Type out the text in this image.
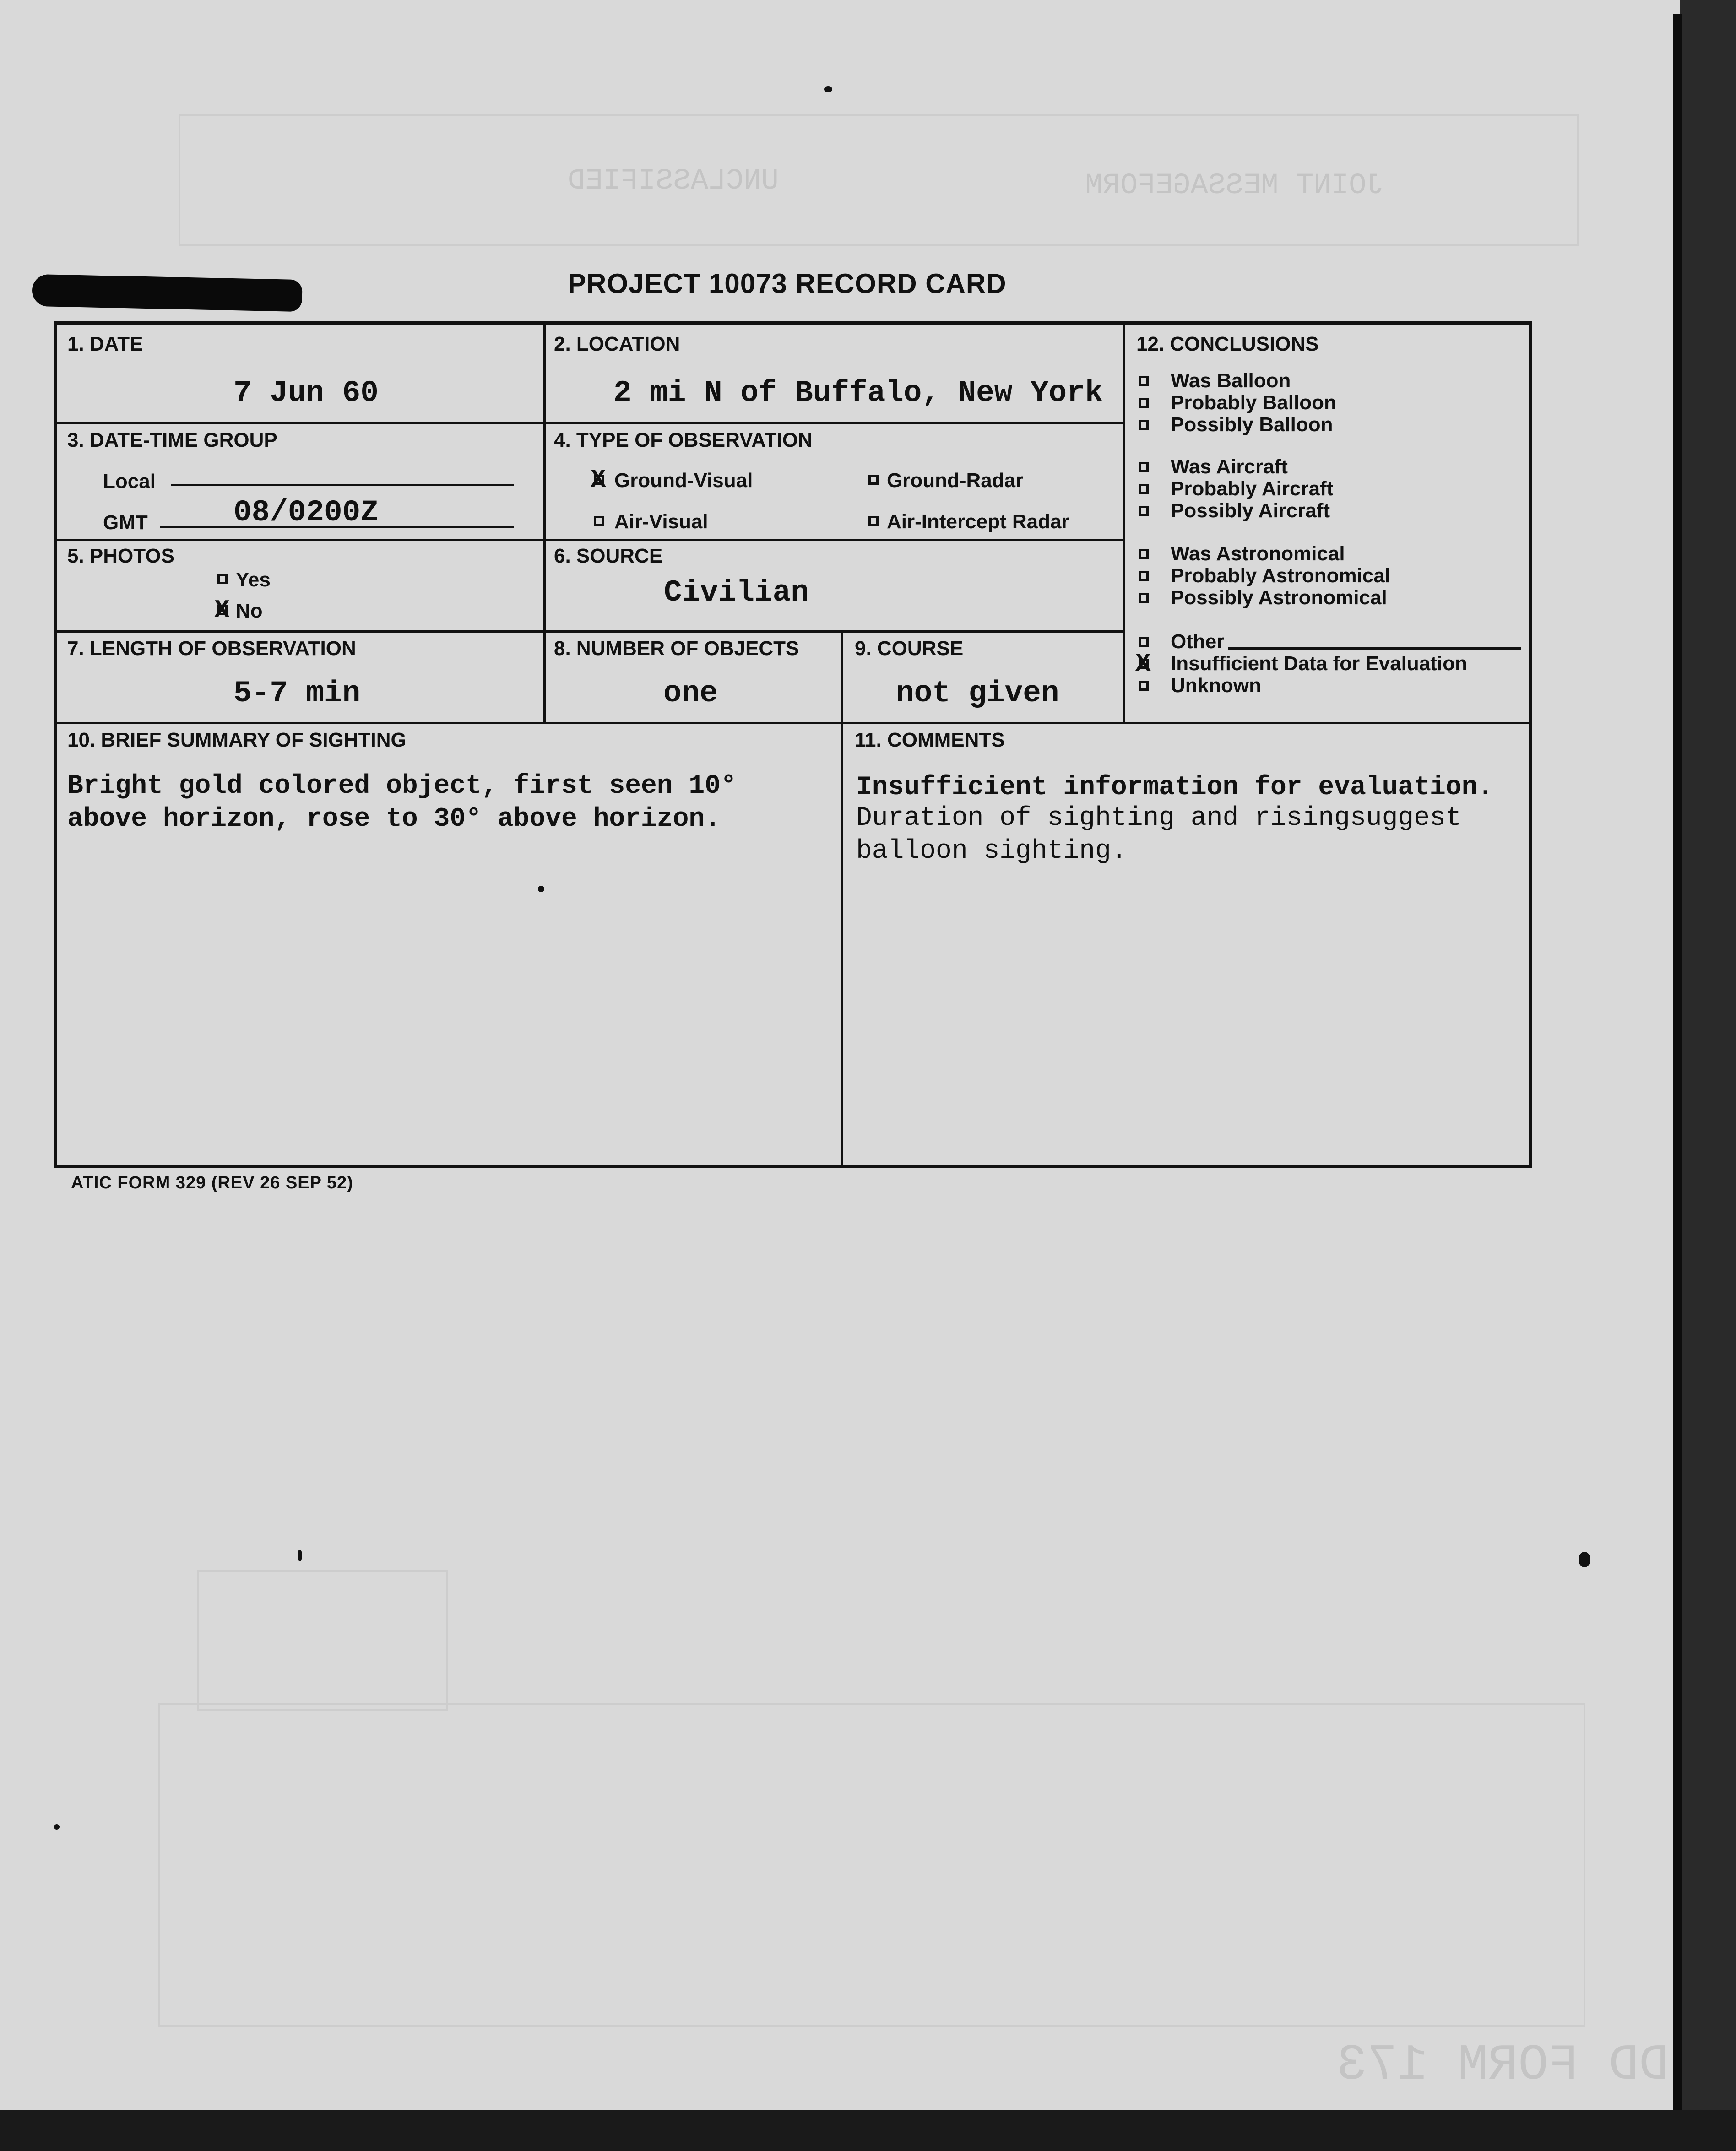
JOINT MESSAGEFORM
UNCLASSIFIED
DD FORM 173
PROJECT 10073 RECORD CARD
1. DATE
7 Jun 60
2. LOCATION
2 mi N of Buffalo, New York
3. DATE-TIME GROUP
Local
GMT	08/0200Z
4. TYPE OF OBSERVATION
X
Ground-Visual	Ground-Radar
Air-Visual	Air-Intercept Radar
5. PHOTOS
Yes
X
No
6. SOURCE
Civilian
7. LENGTH OF OBSERVATION
5-7 min
8. NUMBER OF OBJECTS
one
9. COURSE
not given
12. CONCLUSIONS
Was Balloon
Probably Balloon
Possibly Balloon
Was Aircraft
Probably Aircraft
Possibly Aircraft
Was Astronomical
Probably Astronomical
Possibly Astronomical
Other
X
Insufficient Data for Evaluation
Unknown
10. BRIEF SUMMARY OF SIGHTING
Bright gold colored object, first seen 10°
above horizon, rose to 30° above horizon.
11. COMMENTS
Insufficient information for evaluation.
Duration of sighting and risingsuggest
balloon sighting.
ATIC FORM 329 (REV 26 SEP 52)
